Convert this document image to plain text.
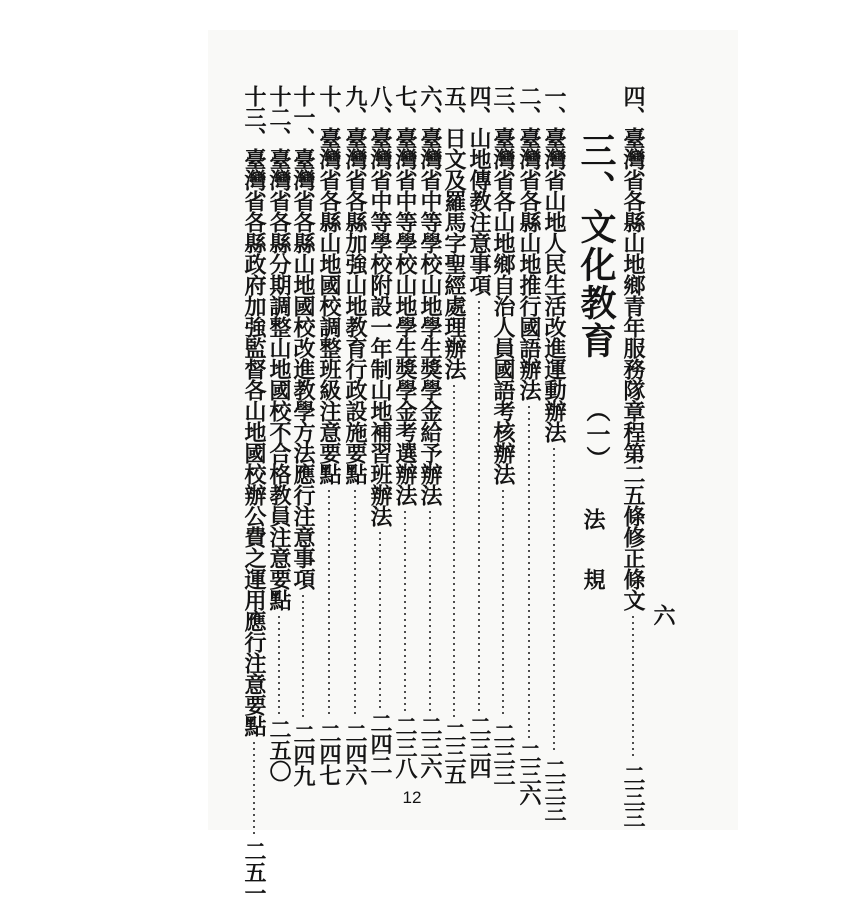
六
三、文化教育
（一）
法規 四、臺灣省各縣山地鄉青年服務隊章程第二五條修正條文
二三三
一、臺灣省山地人民生活改進運動辦法
二三三
二、臺灣省各縣山地推行國語辦法
二三六
三、臺灣省各山地鄉自治人員國語考核辦法
二三三
四、山地傳教注意事項
二三四
五、日文及羅馬字聖經處理辦法
二三五
六、臺灣省中等學校山地學生獎學金給予辦法
二三六
七、臺灣省中等學校山地學生獎學金考選辦法
二三八
八、臺灣省中等學校附設一年制山地補習班辦法
二四二
九、臺灣省各縣加強山地教育行政設施要點
二四六
十、臺灣省各縣山地國校調整班級注意要點
二四七
十一、臺灣省各縣山地國校改進教學方法應行注意事項
二四九
十二、臺灣省各縣分期調整山地國校不合格教員注意要點
二五〇
十三、臺灣省各縣政府加強監督各山地國校辦公費之運用應行注意要點
二五一
12
